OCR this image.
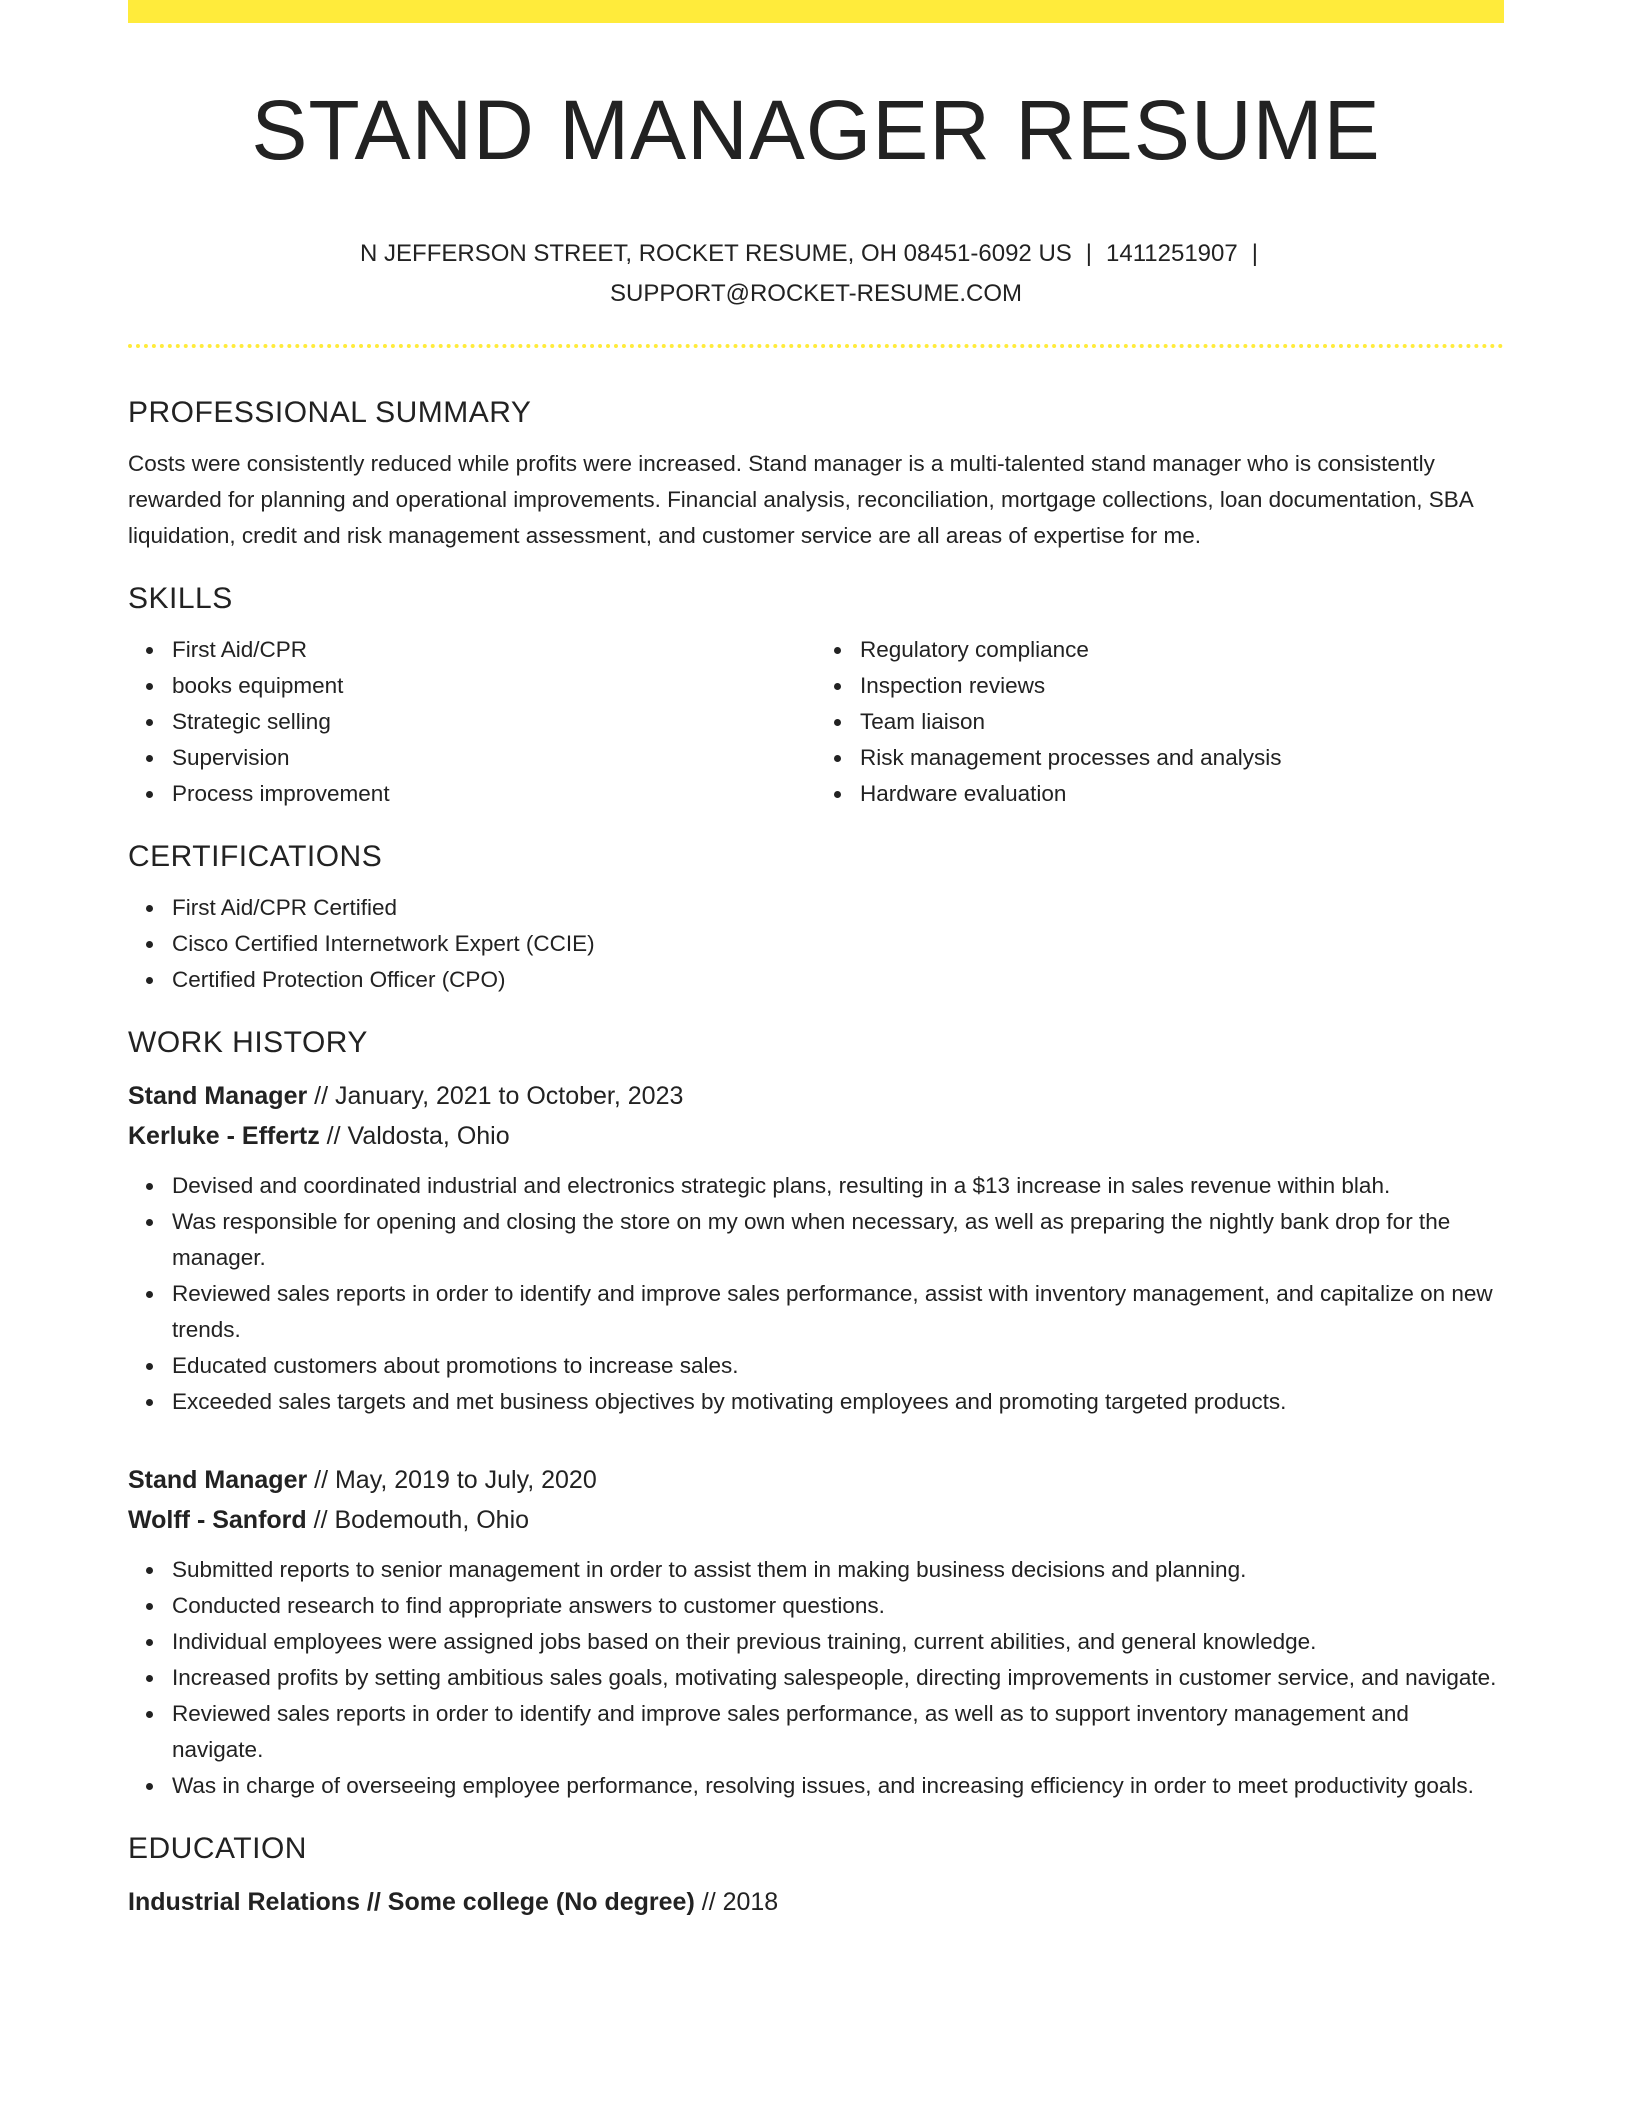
STAND MANAGER RESUME
N JEFFERSON STREET, ROCKET RESUME, OH 08451-6092 US | 1411251907 |
SUPPORT@ROCKET-RESUME.COM
PROFESSIONAL SUMMARY

Costs were consistently reduced while profits were increased. Stand manager is a multi-talented stand manager who is consistently rewarded for planning and operational improvements. Financial analysis, reconciliation, mortgage collections, loan documentation, SBA liquidation, credit and risk management assessment, and customer service are all areas of expertise for me.

SKILLS
First Aid/CPR
books equipment
Strategic selling
Supervision
Process improvement
Regulatory compliance
Inspection reviews
Team liaison
Risk management processes and analysis
Hardware evaluation
CERTIFICATIONS
First Aid/CPR Certified
Cisco Certified Internetwork Expert (CCIE)
Certified Protection Officer (CPO)
WORK HISTORY
Stand Manager // January, 2021 to October, 2023
Kerluke - Effertz // Valdosta, Ohio
Devised and coordinated industrial and electronics strategic plans, resulting in a $13 increase in sales revenue within blah.
Was responsible for opening and closing the store on my own when necessary, as well as preparing the nightly bank drop for the manager.
Reviewed sales reports in order to identify and improve sales performance, assist with inventory management, and capitalize on new trends.
Educated customers about promotions to increase sales.
Exceeded sales targets and met business objectives by motivating employees and promoting targeted products.
Stand Manager // May, 2019 to July, 2020
Wolff - Sanford // Bodemouth, Ohio
Submitted reports to senior management in order to assist them in making business decisions and planning.
Conducted research to find appropriate answers to customer questions.
Individual employees were assigned jobs based on their previous training, current abilities, and general knowledge.
Increased profits by setting ambitious sales goals, motivating salespeople, directing improvements in customer service, and navigate.
Reviewed sales reports in order to identify and improve sales performance, as well as to support inventory management and navigate.
Was in charge of overseeing employee performance, resolving issues, and increasing efficiency in order to meet productivity goals.
EDUCATION
Industrial Relations // Some college (No degree) // 2018
